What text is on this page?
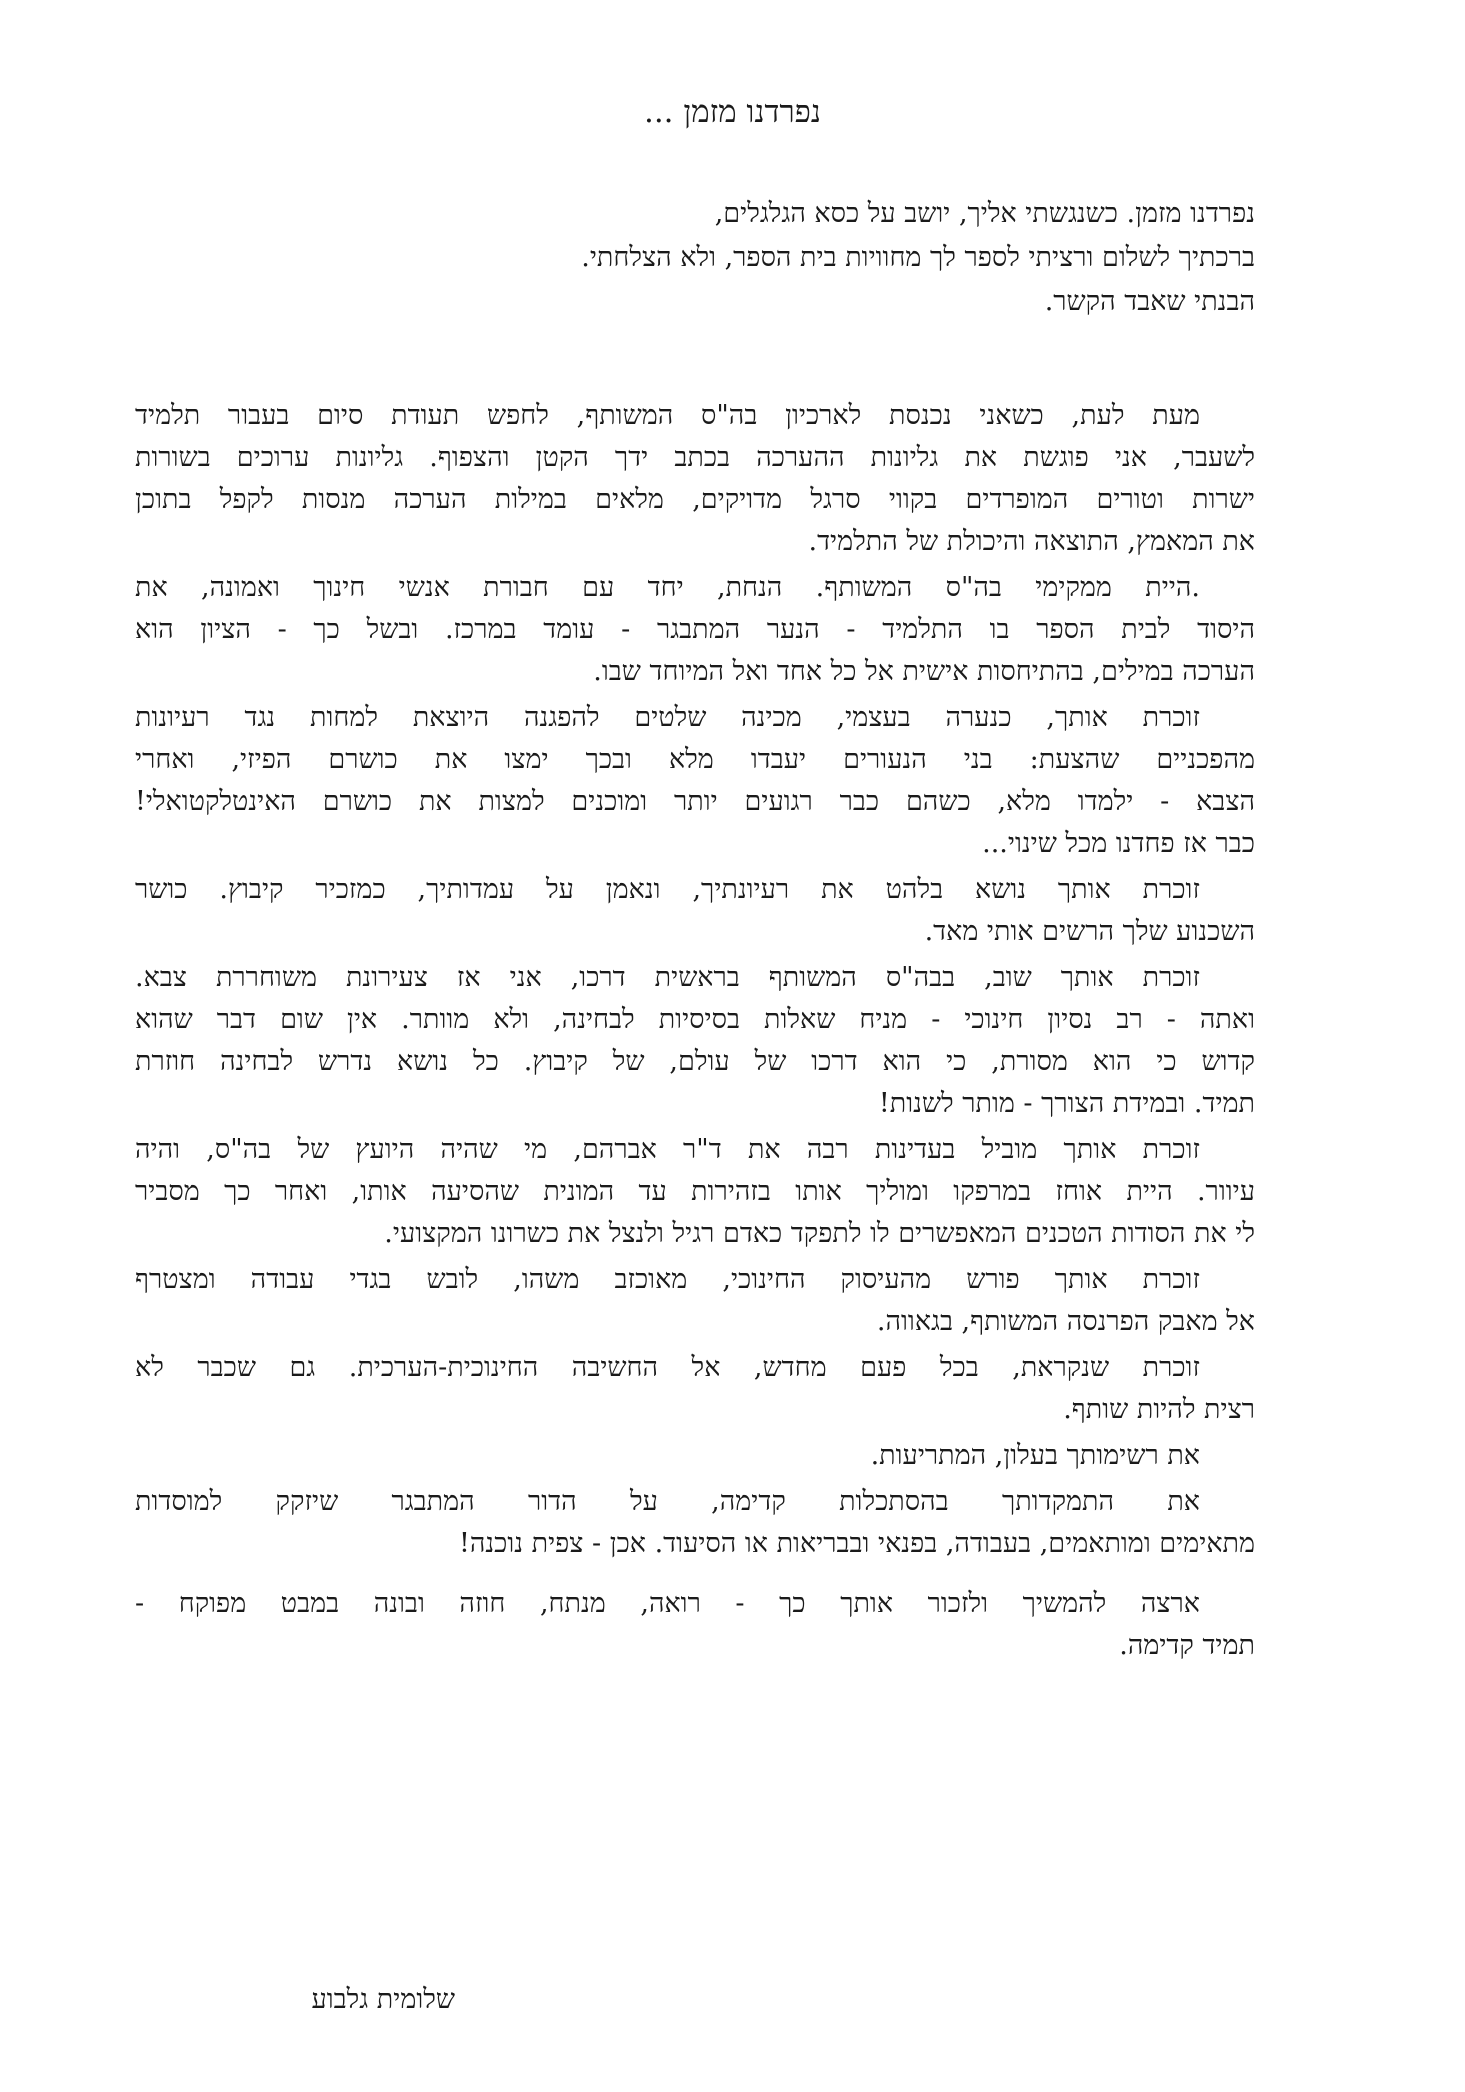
נפרדנו מזמן ...
נפרדנו מזמן. כשנגשתי אליך, יושב על כסא הגלגלים,
ברכתיך לשלום ורציתי לספר לך מחוויות בית הספר, ולא הצלחתי.
הבנתי שאבד הקשר.
מעת לעת, כשאני נכנסת לארכיון בה"ס המשותף, לחפש תעודת סיום בעבור תלמיד
לשעבר, אני פוגשת את גליונות ההערכה בכתב ידך הקטן והצפוף. גליונות ערוכים בשורות
ישרות וטורים המופרדים בקווי סרגל מדויקים, מלאים במילות הערכה מנסות לקפל בתוכן
את המאמץ, התוצאה והיכולת של התלמיד.
.היית ממקימי בה"ס המשותף. הנחת, יחד עם חבורת אנשי חינוך ואמונה, את
היסוד לבית הספר בו התלמיד - הנער המתבגר - עומד במרכז. ובשל כך - הציון הוא
הערכה במילים, בהתיחסות אישית אל כל אחד ואל המיוחד שבו.
זוכרת אותך, כנערה בעצמי, מכינה שלטים להפגנה היוצאת למחות נגד רעיונות
מהפכניים שהצעת: בני הנעורים יעבדו מלא ובכך ימצו את כושרם הפיזי, ואחרי
הצבא - ילמדו מלא, כשהם כבר רגועים יותר ומוכנים למצות את כושרם האינטלקטואלי!
כבר אז פחדנו מכל שינוי...
זוכרת אותך נושא בלהט את רעיונתיך, ונאמן על עמדותיך, כמזכיר קיבוץ. כושר
השכנוע שלך הרשים אותי מאד.
זוכרת אותך שוב, בבה"ס המשותף בראשית דרכו, אני אז צעירונת משוחררת צבא.
ואתה - רב נסיון חינוכי - מניח שאלות בסיסיות לבחינה, ולא מוותר. אין שום דבר שהוא
קדוש כי הוא מסורת, כי הוא דרכו של עולם, של קיבוץ. כל נושא נדרש לבחינה חוזרת
תמיד. ובמידת הצורך - מותר לשנות!
זוכרת אותך מוביל בעדינות רבה את ד"ר אברהם, מי שהיה היועץ של בה"ס, והיה
עיוור. היית אוחז במרפקו ומוליך אותו בזהירות עד המונית שהסיעה אותו, ואחר כך מסביר
לי את הסודות הטכנים המאפשרים לו לתפקד כאדם רגיל ולנצל את כשרונו המקצועי.
זוכרת אותך פורש מהעיסוק החינוכי, מאוכזב משהו, לובש בגדי עבודה ומצטרף
אל מאבק הפרנסה המשותף, בגאווה.
זוכרת שנקראת, בכל פעם מחדש, אל החשיבה החינוכית-הערכית. גם שכבר לא
רצית להיות שותף.
את רשימותך בעלון, המתריעות.
את התמקדותך בהסתכלות קדימה, על הדור המתבגר שיזקק למוסדות
מתאימים ומותאמים, בעבודה, בפנאי ובבריאות או הסיעוד. אכן - צפית נוכנה!
ארצה להמשיך ולזכור אותך כך - רואה, מנתח, חוזה ובונה במבט מפוקח -
תמיד קדימה.

שלומית גלבוע
